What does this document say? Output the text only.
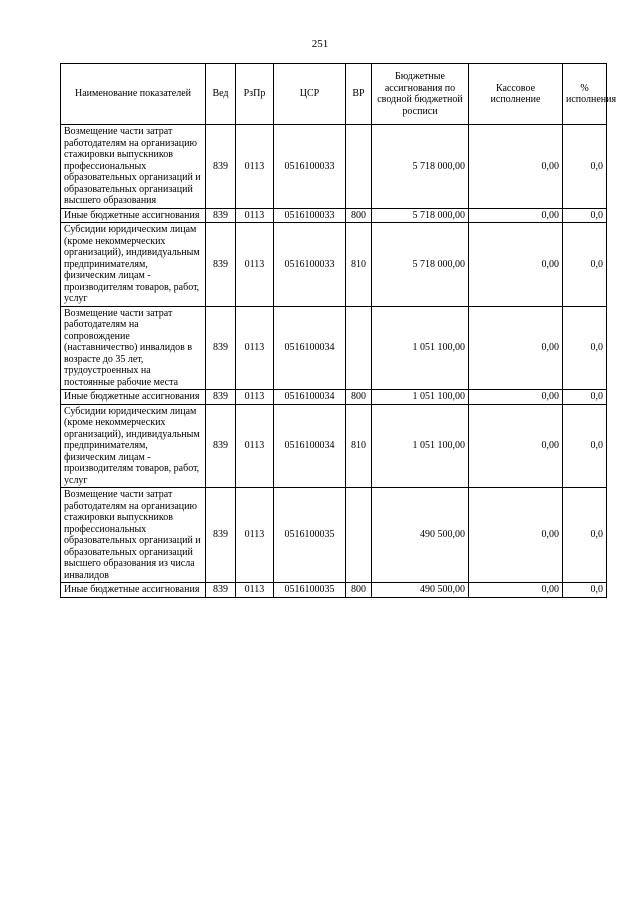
251
Наименование показателей	Вед	РзПр	ЦСР	ВР	Бюджетные ассигнования по сводной бюджетной росписи	Кассовое исполнение	% исполнения
Возмещение части затрат работодателям на организацию стажировки выпускников профессиональных образовательных организаций и образовательных организаций высшего образования	839	0113	0516100033		5 718 000,00	0,00	0,0
Иные бюджетные ассигнования	839	0113	0516100033	800	5 718 000,00	0,00	0,0
Субсидии юридическим лицам (кроме некоммерческих организаций), индивидуальным предпринимателям, физическим лицам - производителям товаров, работ, услуг	839	0113	0516100033	810	5 718 000,00	0,00	0,0
Возмещение части затрат работодателям на сопровождение (наставничество) инвалидов в возрасте до 35 лет, трудоустроенных на постоянные рабочие места	839	0113	0516100034		1 051 100,00	0,00	0,0
Иные бюджетные ассигнования	839	0113	0516100034	800	1 051 100,00	0,00	0,0
Субсидии юридическим лицам (кроме некоммерческих организаций), индивидуальным предпринимателям, физическим лицам - производителям товаров, работ, услуг	839	0113	0516100034	810	1 051 100,00	0,00	0,0
Возмещение части затрат работодателям на организацию стажировки выпускников профессиональных образовательных организаций и образовательных организаций высшего образования из числа инвалидов	839	0113	0516100035		490 500,00	0,00	0,0
Иные бюджетные ассигнования	839	0113	0516100035	800	490 500,00	0,00	0,0
